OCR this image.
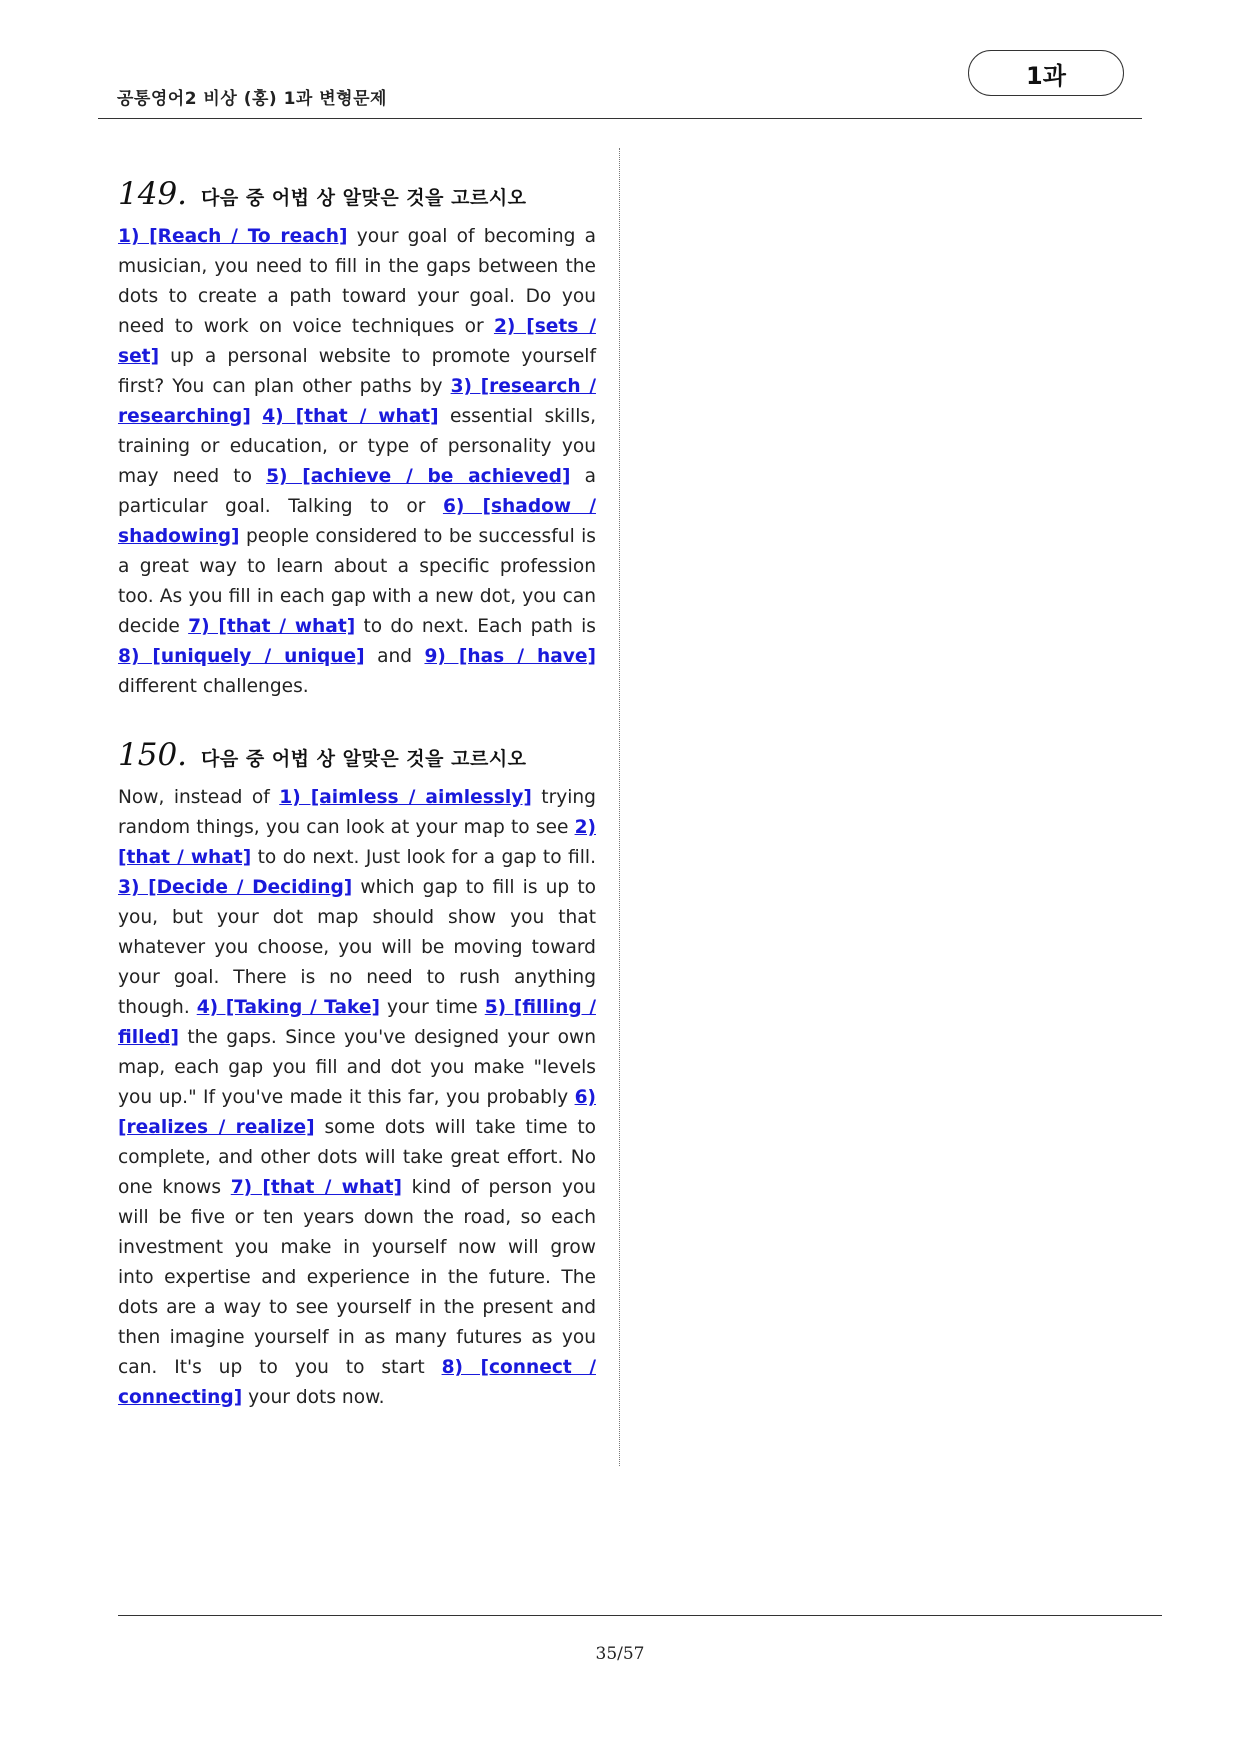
공통영어2 비상 (홍) 1과 변형문제
1과
149. 다음 중 어법 상 알맞은 것을 고르시오

1) [Reach / To reach] your goal of becoming a musician, you need to fill in the gaps between the dots to create a path toward your goal. Do you need to work on voice techniques or 2) [sets / set] up a personal website to promote yourself first? You can plan other paths by 3) [research / researching] 4) [that / what] essential skills, training or education, or type of personality you may need to 5) [achieve / be achieved] a particular goal. Talking to or 6) [shadow / shadowing] people considered to be successful is a great way to learn about a specific profession too. As you fill in each gap with a new dot, you can decide 7) [that / what] to do next. Each path is 8) [uniquely / unique] and 9) [has / have] different challenges.

150. 다음 중 어법 상 알맞은 것을 고르시오

Now, instead of 1) [aimless / aimlessly] trying random things, you can look at your map to see 2) [that / what] to do next. Just look for a gap to fill. 3) [Decide / Deciding] which gap to fill is up to you, but your dot map should show you that whatever you choose, you will be moving toward your goal. There is no need to rush anything though. 4) [Taking / Take] your time 5) [filling / filled] the gaps. Since you've designed your own map, each gap you fill and dot you make "levels you up." If you've made it this far, you probably 6) [realizes / realize] some dots will take time to complete, and other dots will take great effort. No one knows 7) [that / what] kind of person you will be five or ten years down the road, so each investment you make in yourself now will grow into expertise and experience in the future. The dots are a way to see yourself in the present and then imagine yourself in as many futures as you can. It's up to you to start 8) [connect / connecting] your dots now.

35/57
